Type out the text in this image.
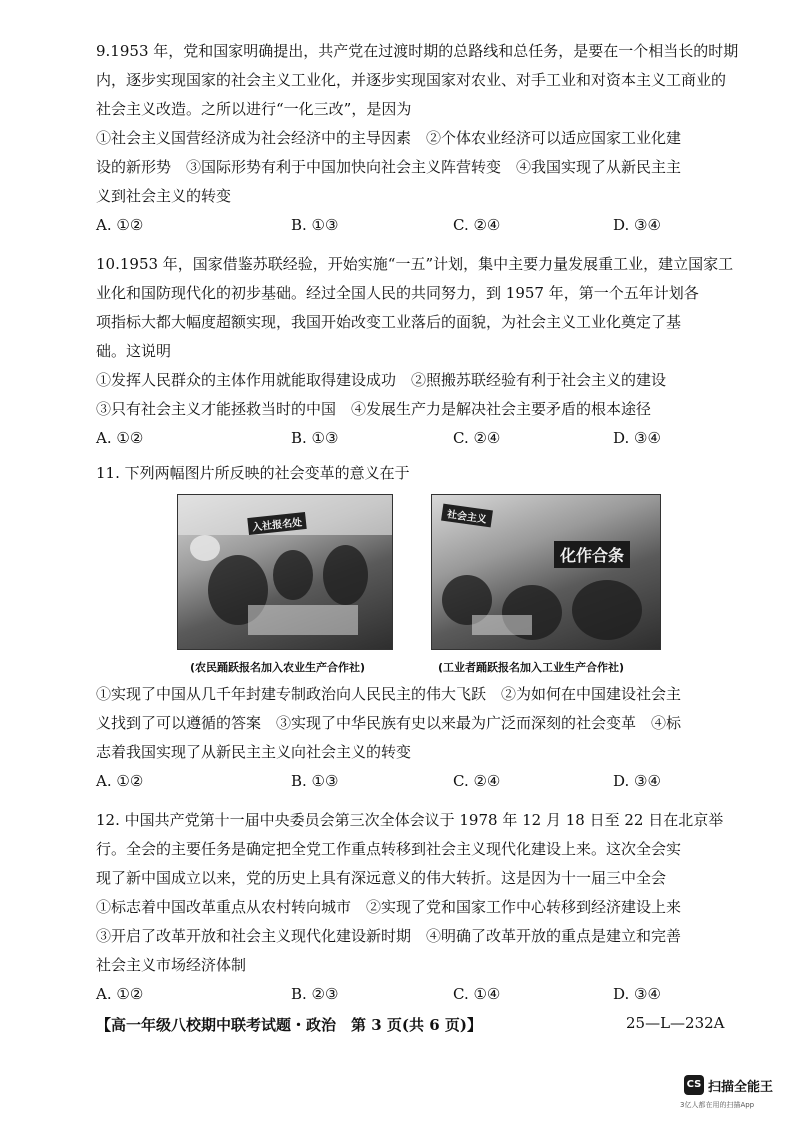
9.1953 年，党和国家明确提出，共产党在过渡时期的总路线和总任务，是要在一个相当长的时期
内，逐步实现国家的社会主义工业化，并逐步实现国家对农业、对手工业和对资本主义工商业的
社会主义改造。之所以进行“一化三改”，是因为
①社会主义国营经济成为社会经济中的主导因素　②个体农业经济可以适应国家工业化建
设的新形势　③国际形势有利于中国加快向社会主义阵营转变　④我国实现了从新民主主
义到社会主义的转变
A. ①②	B. ①③	C. ②④	D. ③④
10.1953 年，国家借鉴苏联经验，开始实施“一五”计划，集中主要力量发展重工业，建立国家工
业化和国防现代化的初步基础。经过全国人民的共同努力，到 1957 年，第一个五年计划各
项指标大都大幅度超额实现，我国开始改变工业落后的面貌，为社会主义工业化奠定了基
础。这说明
①发挥人民群众的主体作用就能取得建设成功　②照搬苏联经验有利于社会主义的建设
③只有社会主义才能拯救当时的中国　④发展生产力是解决社会主要矛盾的根本途径
A. ①②	B. ①③	C. ②④	D. ③④
11. 下列两幅图片所反映的社会变革的意义在于
入社报名处	社会主义
化作合条
(农民踊跃报名加入农业生产合作社)	(工业者踊跃报名加入工业生产合作社)
①实现了中国从几千年封建专制政治向人民民主的伟大飞跃　②为如何在中国建设社会主
义找到了可以遵循的答案　③实现了中华民族有史以来最为广泛而深刻的社会变革　④标
志着我国实现了从新民主主义向社会主义的转变
A. ①②	B. ①③	C. ②④	D. ③④
12. 中国共产党第十一届中央委员会第三次全体会议于 1978 年 12 月 18 日至 22 日在北京举
行。全会的主要任务是确定把全党工作重点转移到社会主义现代化建设上来。这次全会实
现了新中国成立以来，党的历史上具有深远意义的伟大转折。这是因为十一届三中全会
①标志着中国改革重点从农村转向城市　②实现了党和国家工作中心转移到经济建设上来
③开启了改革开放和社会主义现代化建设新时期　④明确了改革开放的重点是建立和完善
社会主义市场经济体制
A. ①②	B. ②③	C. ①④	D. ③④
【高一年级八校期中联考试题・政治　第 3 页(共 6 页)】	25—L—232A
CS 扫描全能王
3亿人都在用的扫描App
